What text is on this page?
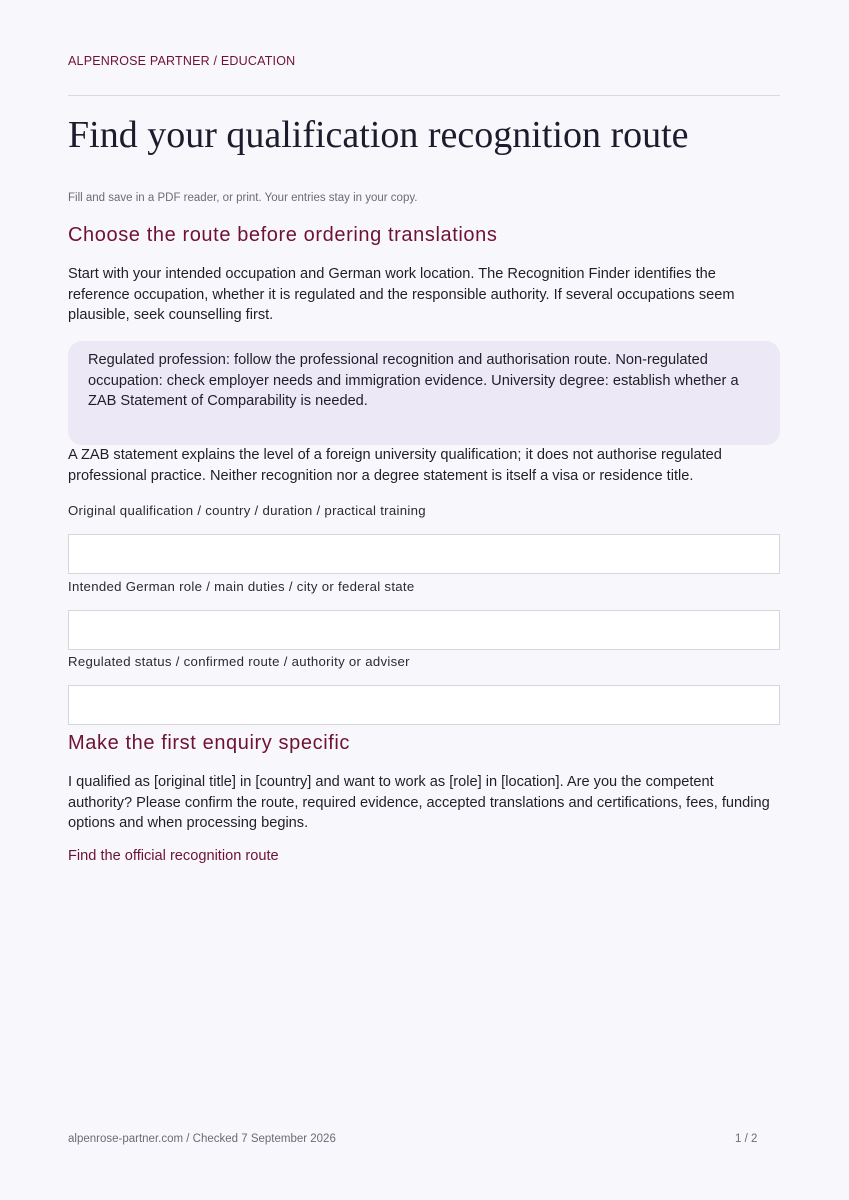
ALPENROSE PARTNER / EDUCATION

Find your qualification recognition route

Fill and save in a PDF reader, or print. Your entries stay in your copy.

Choose the route before ordering translations

Start with your intended occupation and German work location. The Recognition Finder identifies the reference occupation, whether it is regulated and the responsible authority. If several occupations seem plausible, seek counselling first.

Regulated profession: follow the professional recognition and authorisation route. Non-regulated occupation: check employer needs and immigration evidence. University degree: establish whether a ZAB Statement of Comparability is needed.

A ZAB statement explains the level of a foreign university qualification; it does not authorise regulated professional practice. Neither recognition nor a degree statement is itself a visa or residence title.

Original qualification / country / duration / practical training

Intended German role / main duties / city or federal state

Regulated status / confirmed route / authority or adviser

Make the first enquiry specific

I qualified as [original title] in [country] and want to work as [role] in [location]. Are you the competent authority? Please confirm the route, required evidence, accepted translations and certifications, fees, funding options and when processing begins.

Find the official recognition route

alpenrose-partner.com / Checked 7 September 2026	1 / 2
